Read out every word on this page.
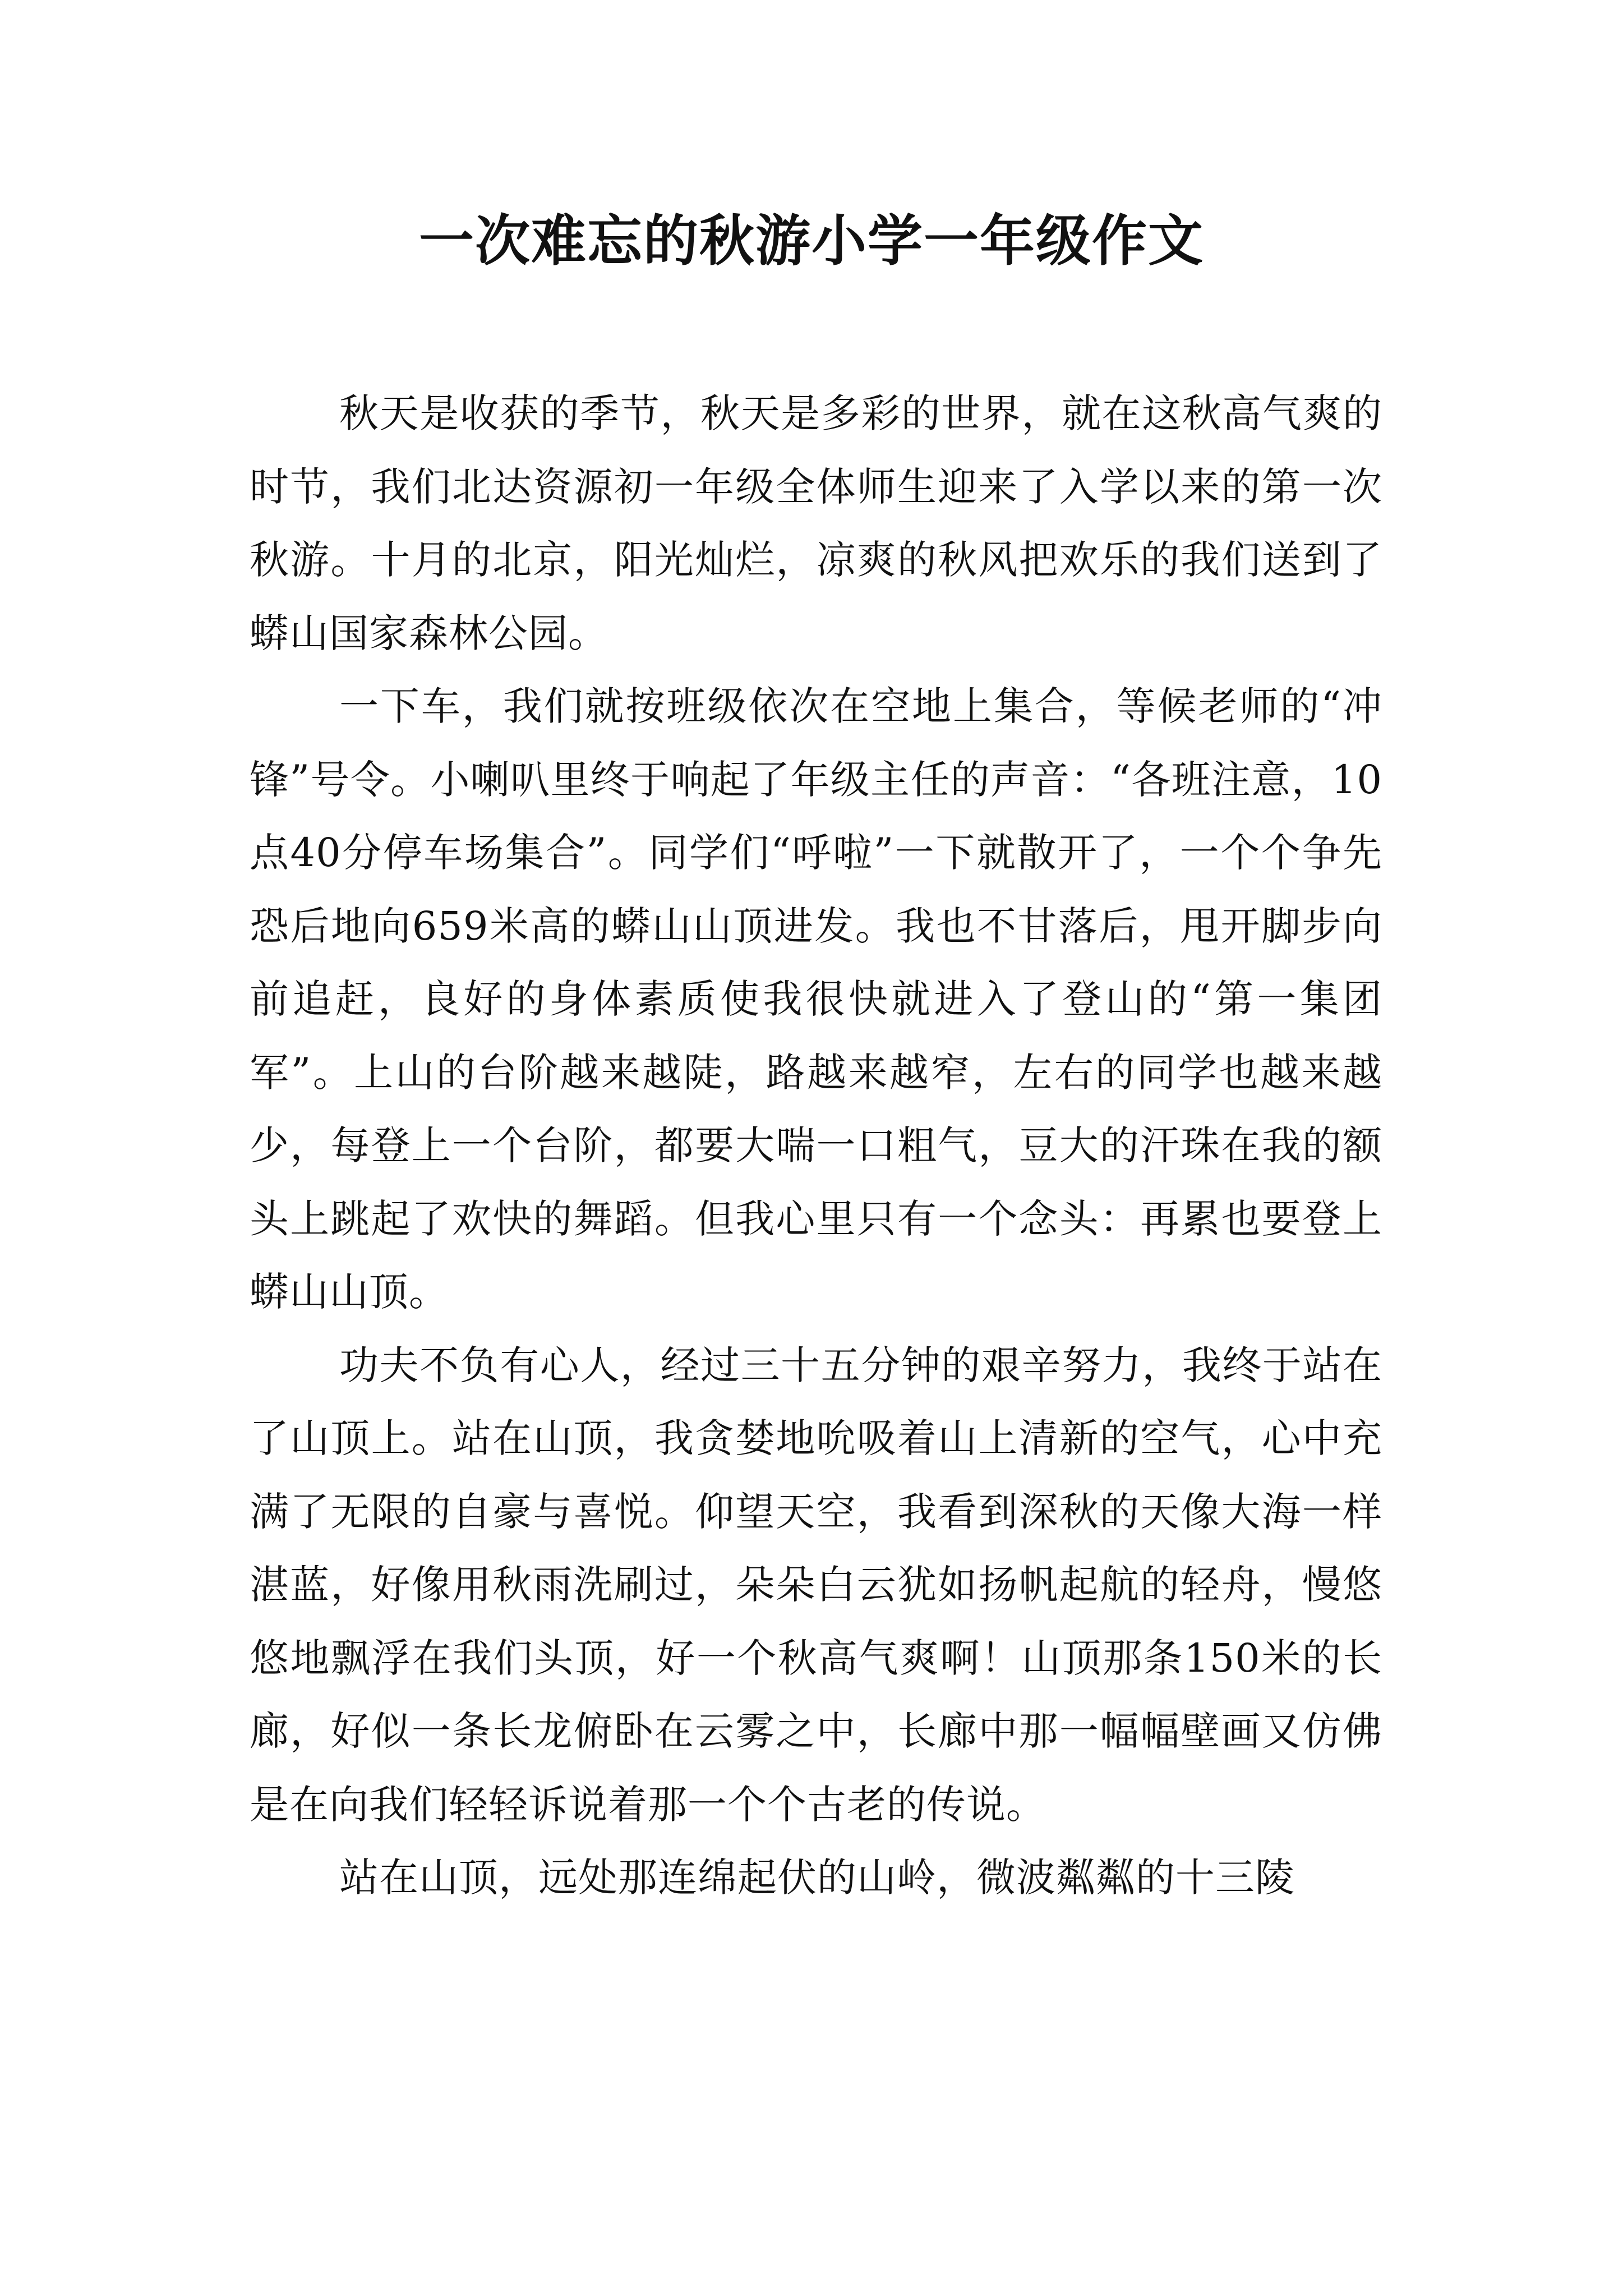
一次难忘的秋游小学一年级作文

秋天是收获的季节，秋天是多彩的世界，就在这秋高气爽的时节，我们北达资源初一年级全体师生迎来了入学以来的第一次秋游。十月的北京，阳光灿烂，凉爽的秋风把欢乐的我们送到了蟒山国家森林公园。

一下车，我们就按班级依次在空地上集合，等候老师的“冲锋”号令。小喇叭里终于响起了年级主任的声音：“各班注意，10点40分停车场集合”。同学们“呼啦”一下就散开了，一个个争先恐后地向659米高的蟒山山顶进发。我也不甘落后，甩开脚步向前追赶，良好的身体素质使我很快就进入了登山的“第一集团军”。上山的台阶越来越陡，路越来越窄，左右的同学也越来越少，每登上一个台阶，都要大喘一口粗气，豆大的汗珠在我的额头上跳起了欢快的舞蹈。但我心里只有一个念头：再累也要登上蟒山山顶。

功夫不负有心人，经过三十五分钟的艰辛努力，我终于站在了山顶上。站在山顶，我贪婪地吮吸着山上清新的空气，心中充满了无限的自豪与喜悦。仰望天空，我看到深秋的天像大海一样湛蓝，好像用秋雨洗刷过，朵朵白云犹如扬帆起航的轻舟，慢悠悠地飘浮在我们头顶，好一个秋高气爽啊！山顶那条150米的长廊，好似一条长龙俯卧在云雾之中，长廊中那一幅幅壁画又仿佛是在向我们轻轻诉说着那一个个古老的传说。

站在山顶，远处那连绵起伏的山岭，微波粼粼的十三陵
